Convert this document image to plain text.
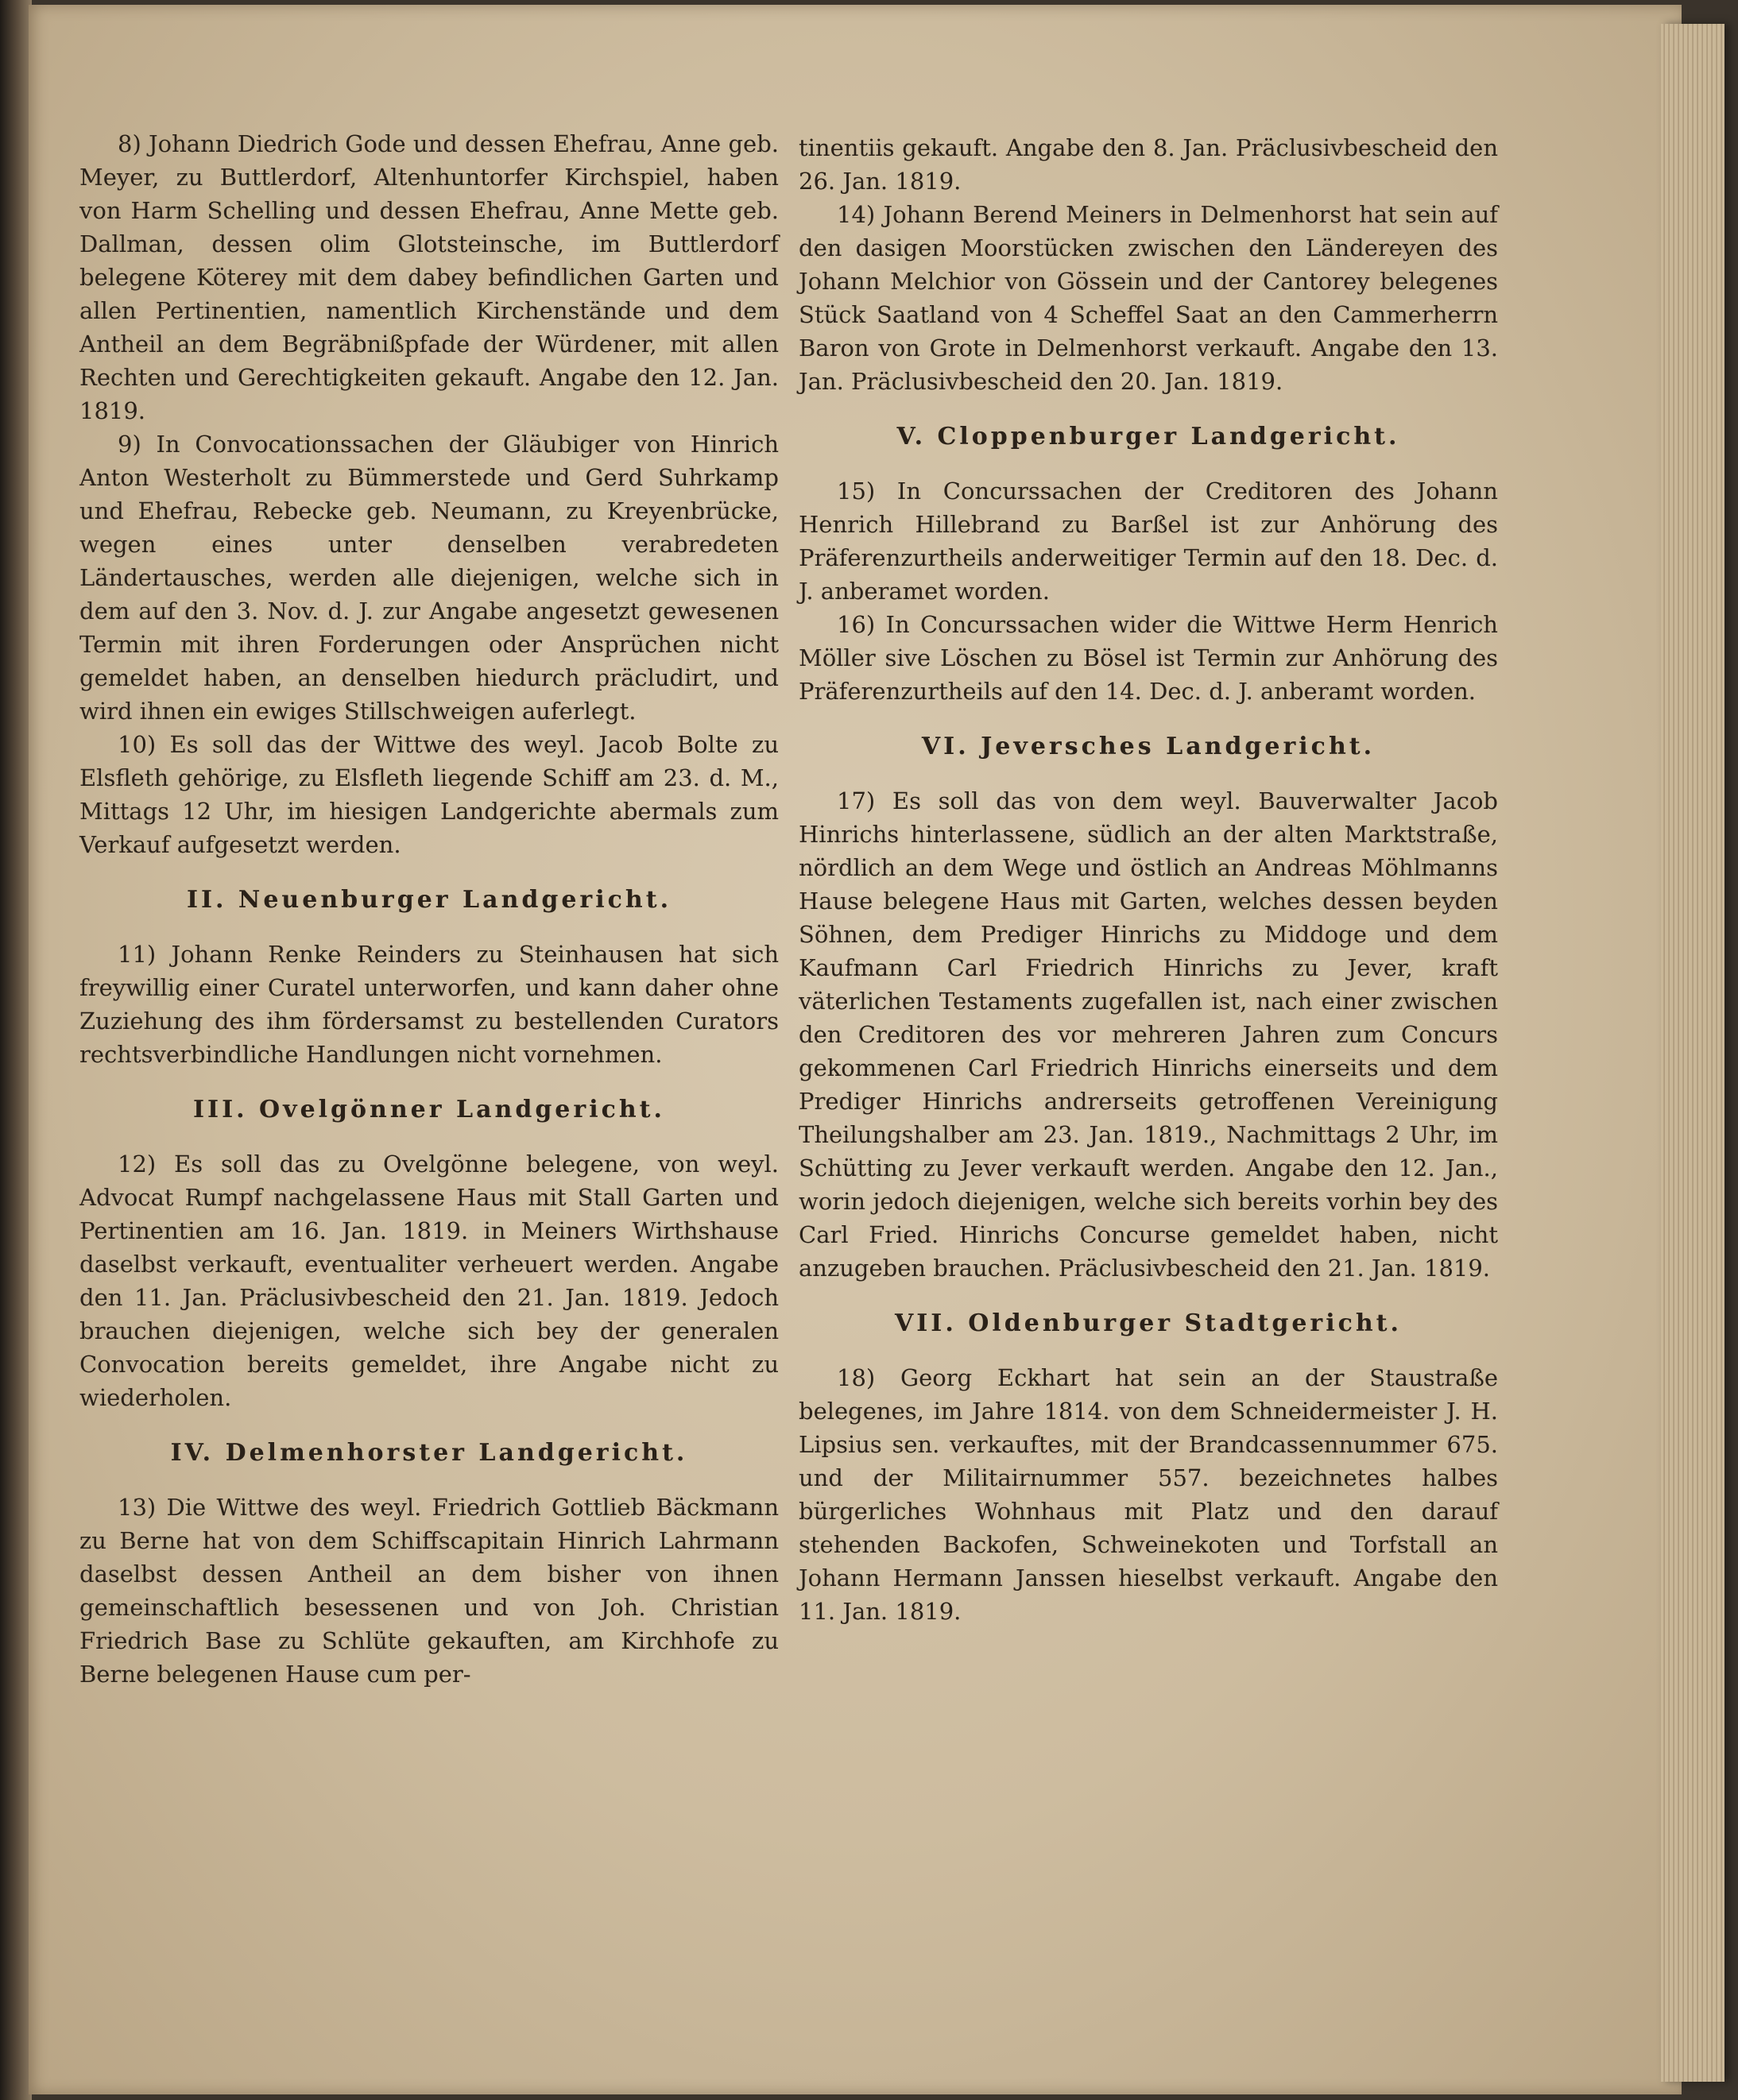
8) Johann Diedrich Gode und dessen Ehefrau, Anne geb. Meyer, zu Buttlerdorf, Altenhuntorfer Kirchspiel, haben von Harm Schelling und dessen Ehefrau, Anne Mette geb. Dallman, dessen olim Glotsteinsche, im Buttlerdorf belegene Köterey mit dem dabey befindlichen Garten und allen Pertinentien, namentlich Kirchenstände und dem Antheil an dem Begräbnißpfade der Würdener, mit allen Rechten und Gerechtigkeiten gekauft. Angabe den 12. Jan. 1819.

9) In Convocationssachen der Gläubiger von Hinrich Anton Westerholt zu Bümmerstede und Gerd Suhrkamp und Ehefrau, Rebecke geb. Neumann, zu Kreyenbrücke, wegen eines unter denselben verabredeten Ländertausches, werden alle diejenigen, welche sich in dem auf den 3. Nov. d. J. zur Angabe angesetzt gewesenen Termin mit ihren Forderungen oder Ansprüchen nicht gemeldet haben, an denselben hiedurch präcludirt, und wird ihnen ein ewiges Stillschweigen auferlegt.

10) Es soll das der Wittwe des weyl. Jacob Bolte zu Elsfleth gehörige, zu Elsfleth liegende Schiff am 23. d. M., Mittags 12 Uhr, im hiesigen Landgerichte abermals zum Verkauf aufgesetzt werden.

II. Neuenburger Landgericht.

11) Johann Renke Reinders zu Steinhausen hat sich freywillig einer Curatel unterworfen, und kann daher ohne Zuziehung des ihm fördersamst zu bestellenden Curators rechtsverbindliche Handlungen nicht vornehmen.

III. Ovelgönner Landgericht.

12) Es soll das zu Ovelgönne belegene, von weyl. Advocat Rumpf nachgelassene Haus mit Stall Garten und Pertinentien am 16. Jan. 1819. in Meiners Wirthshause daselbst verkauft, eventualiter verheuert werden. Angabe den 11. Jan. Präclusivbescheid den 21. Jan. 1819. Jedoch brauchen diejenigen, welche sich bey der generalen Convocation bereits gemeldet, ihre Angabe nicht zu wiederholen.

IV. Delmenhorster Landgericht.

13) Die Wittwe des weyl. Friedrich Gottlieb Bäckmann zu Berne hat von dem Schiffscapitain Hinrich Lahrmann daselbst dessen Antheil an dem bisher von ihnen gemeinschaftlich besessenen und von Joh. Christian Friedrich Base zu Schlüte gekauften, am Kirchhofe zu Berne belegenen Hause cum per-

tinentiis gekauft. Angabe den 8. Jan. Präclusivbescheid den 26. Jan. 1819.

14) Johann Berend Meiners in Delmenhorst hat sein auf den dasigen Moorstücken zwischen den Ländereyen des Johann Melchior von Gössein und der Cantorey belegenes Stück Saatland von 4 Scheffel Saat an den Cammerherrn Baron von Grote in Delmenhorst verkauft. Angabe den 13. Jan. Präclusivbescheid den 20. Jan. 1819.

V. Cloppenburger Landgericht.

15) In Concurssachen der Creditoren des Johann Henrich Hillebrand zu Barßel ist zur Anhörung des Präferenzurtheils anderweitiger Termin auf den 18. Dec. d. J. anberamet worden.

16) In Concurssachen wider die Wittwe Herm Henrich Möller sive Löschen zu Bösel ist Termin zur Anhörung des Präferenzurtheils auf den 14. Dec. d. J. anberamt worden.

VI. Jeversches Landgericht.

17) Es soll das von dem weyl. Bauverwalter Jacob Hinrichs hinterlassene, südlich an der alten Marktstraße, nördlich an dem Wege und östlich an Andreas Möhlmanns Hause belegene Haus mit Garten, welches dessen beyden Söhnen, dem Prediger Hinrichs zu Middoge und dem Kaufmann Carl Friedrich Hinrichs zu Jever, kraft väterlichen Testaments zugefallen ist, nach einer zwischen den Creditoren des vor mehreren Jahren zum Concurs gekommenen Carl Friedrich Hinrichs einerseits und dem Prediger Hinrichs andrerseits getroffenen Vereinigung Theilungshalber am 23. Jan. 1819., Nachmittags 2 Uhr, im Schütting zu Jever verkauft werden. Angabe den 12. Jan., worin jedoch diejenigen, welche sich bereits vorhin bey des Carl Fried. Hinrichs Concurse gemeldet haben, nicht anzugeben brauchen. Präclusivbescheid den 21. Jan. 1819.

VII. Oldenburger Stadtgericht.

18) Georg Eckhart hat sein an der Staustraße belegenes, im Jahre 1814. von dem Schneidermeister J. H. Lipsius sen. verkauftes, mit der Brandcassennummer 675. und der Militairnummer 557. bezeichnetes halbes bürgerliches Wohnhaus mit Platz und den darauf stehenden Backofen, Schweinekoten und Torfstall an Johann Hermann Janssen hieselbst verkauft. Angabe den 11. Jan. 1819.
